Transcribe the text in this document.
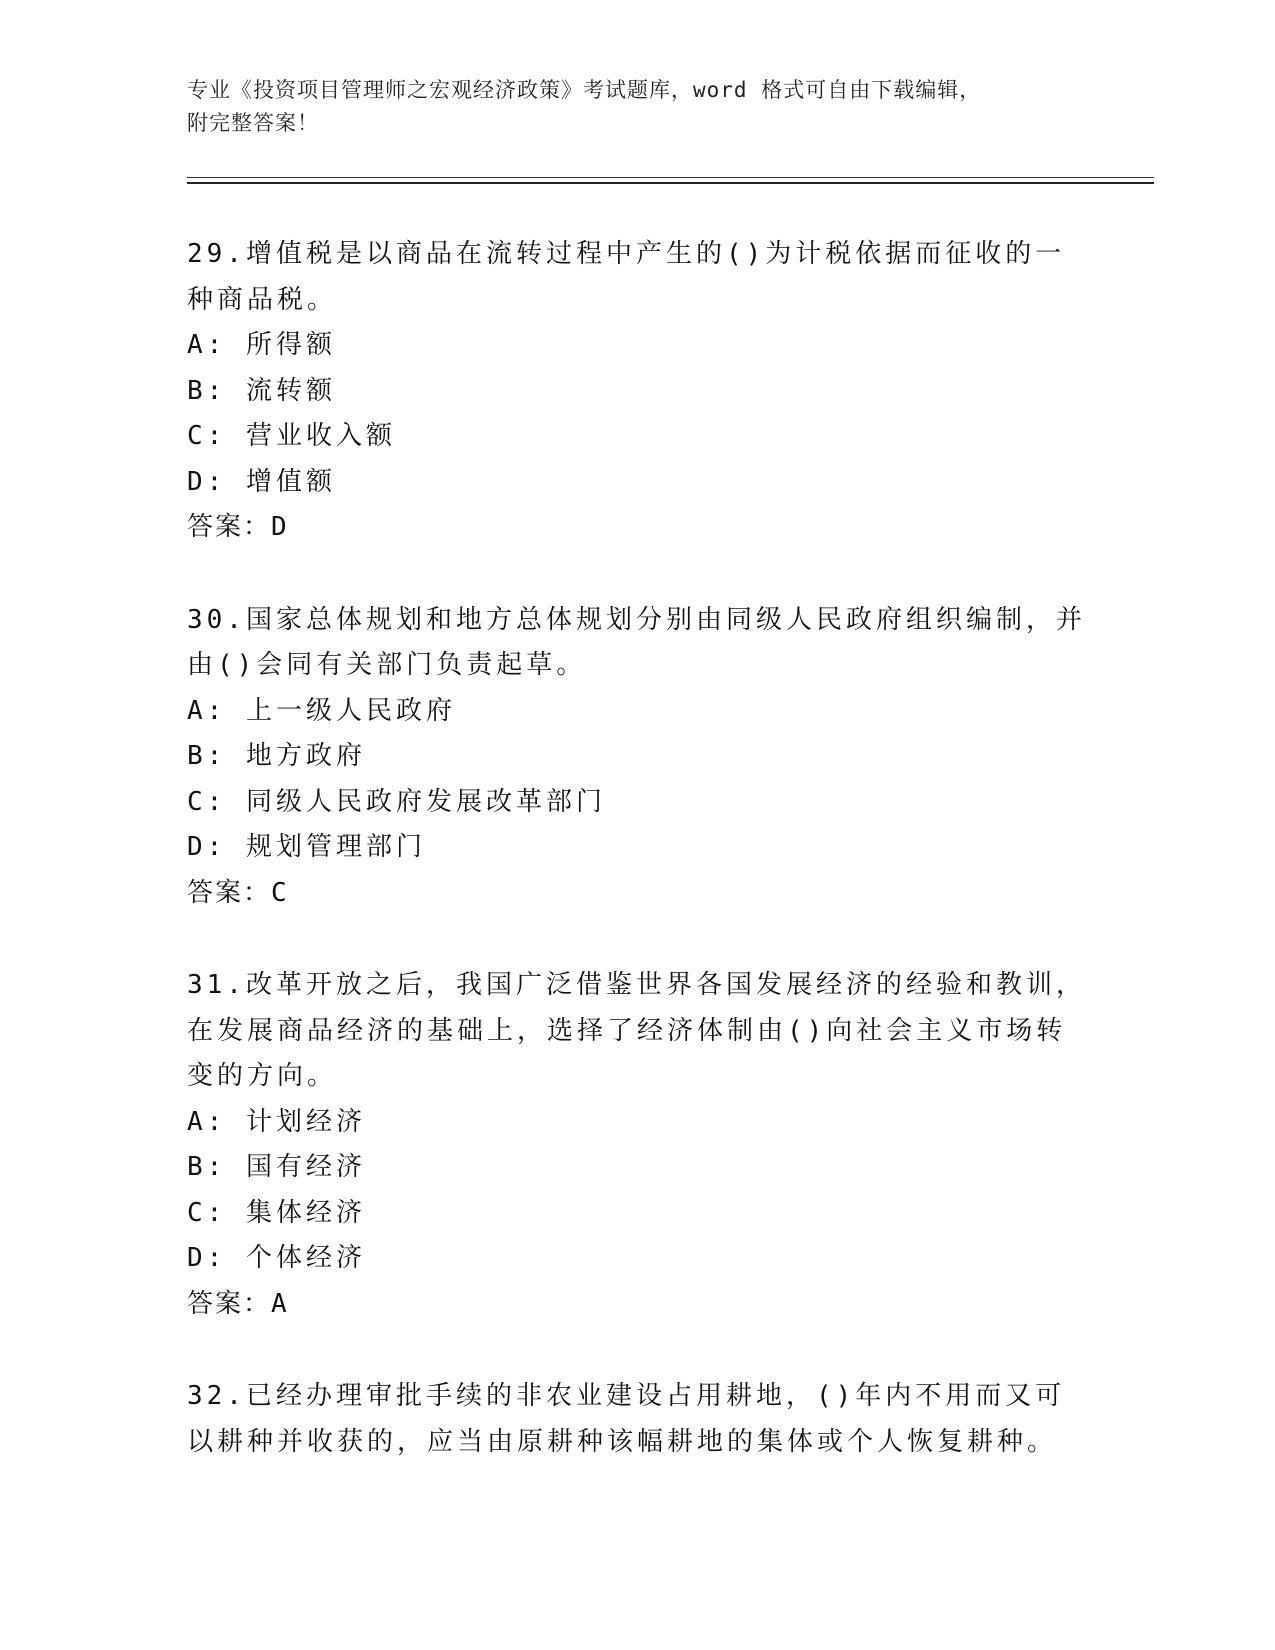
专业《投资项目管理师之宏观经济政策》考试题库，word 格式可自由下载编辑，
附完整答案！

29.增值税是以商品在流转过程中产生的()为计税依据而征收的一种商品税。

A: 所得额

B: 流转额

C: 营业收入额

D: 增值额

答案：D

30.国家总体规划和地方总体规划分别由同级人民政府组织编制，并由()会同有关部门负责起草。

A: 上一级人民政府

B: 地方政府

C: 同级人民政府发展改革部门

D: 规划管理部门

答案：C

31.改革开放之后，我国广泛借鉴世界各国发展经济的经验和教训，在发展商品经济的基础上，选择了经济体制由()向社会主义市场转变的方向。

A: 计划经济

B: 国有经济

C: 集体经济

D: 个体经济

答案：A

32.已经办理审批手续的非农业建设占用耕地，()年内不用而又可以耕种并收获的，应当由原耕种该幅耕地的集体或个人恢复耕种。
